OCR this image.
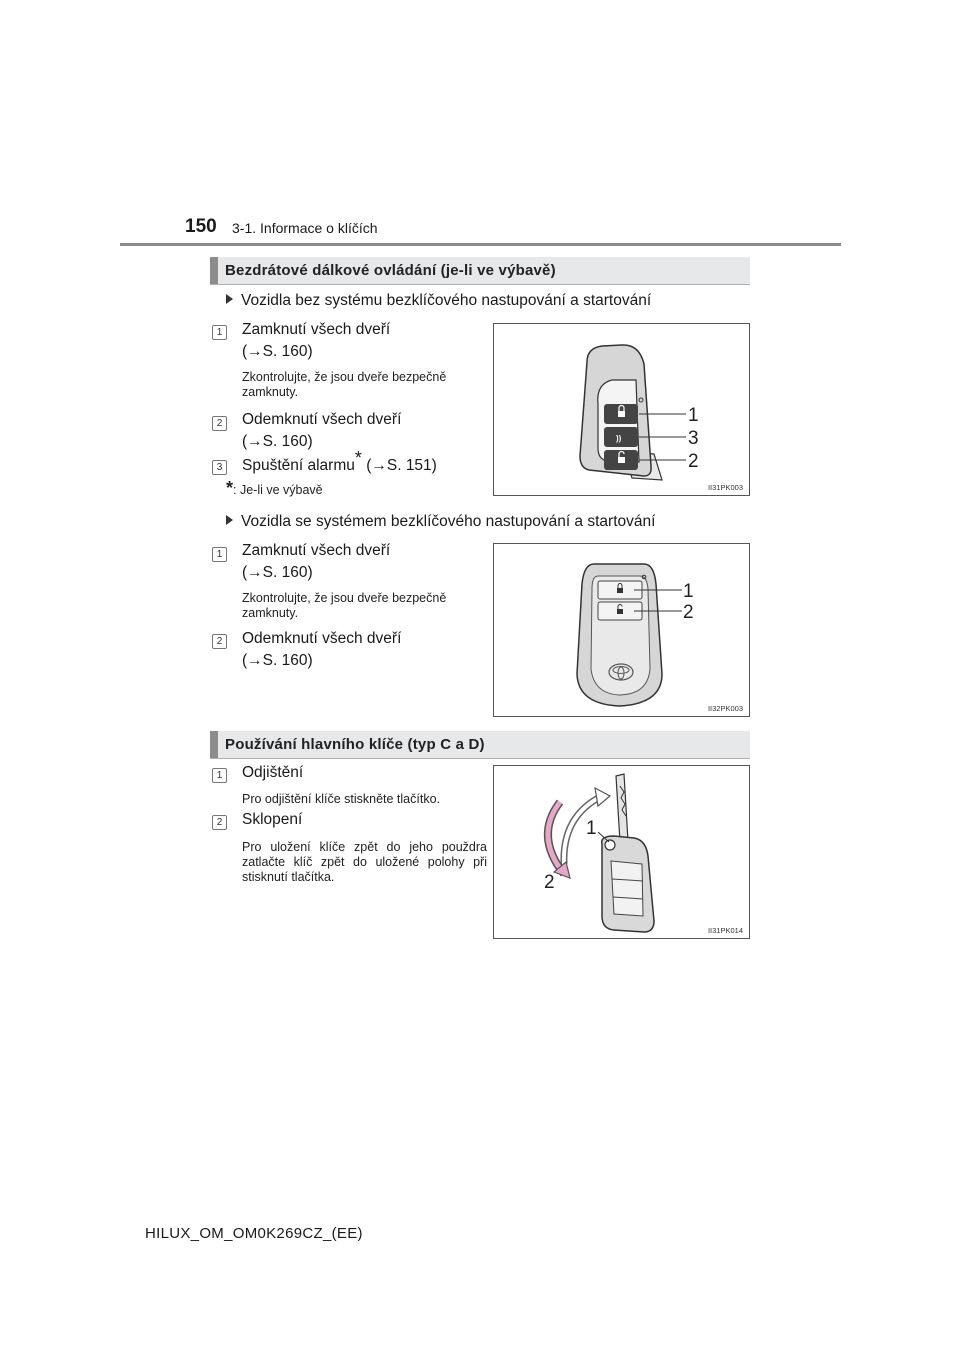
150 3-1. Informace o klíčích
Bezdrátové dálkové ovládání (je-li ve výbavě)
Vozidla bez systému bezklíčového nastupování a startování
1	Zamknutí všech dveří
(→S. 160)
Zkontrolujte, že jsou dveře bezpečně zamknuty.
2	Odemknutí všech dveří
(→S. 160)
3	Spuštění alarmu* (→S. 151)
*: Je-li ve výbavě
))
1
3
2
II31PK003
Vozidla se systémem bezklíčového nastupování a startování
1	Zamknutí všech dveří
(→S. 160)
Zkontrolujte, že jsou dveře bezpečně zamknuty.
2	Odemknutí všech dveří
(→S. 160)
1
2
II32PK003
Používání hlavního klíče (typ C a D)
1	Odjištění
Pro odjištění klíče stiskněte tlačítko.
2	Sklopení
Pro uložení klíče zpět do jeho použdra zatlačte klíč zpět do uložené polohy při stisknutí tlačítka.
1
2
II31PK014
HILUX_OM_OM0K269CZ_(EE)
